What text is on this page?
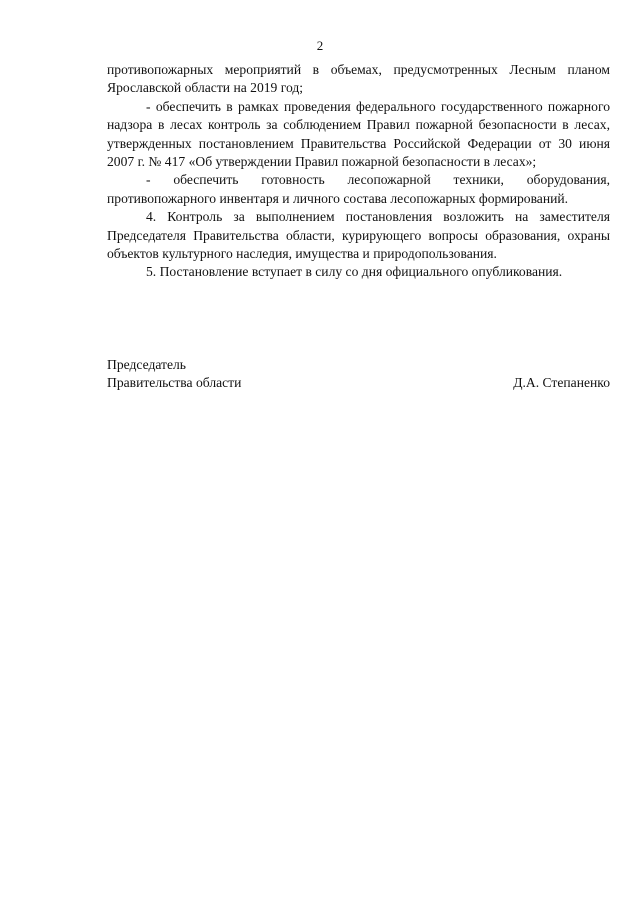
2

противопожарных мероприятий в объемах, предусмотренных Лесным планом Ярославской области на 2019 год;

- обеспечить в рамках проведения федерального государственного пожарного надзора в лесах контроль за соблюдением Правил пожарной безопасности в лесах, утвержденных постановлением Правительства Российской Федерации от 30 июня 2007 г. № 417 «Об утверждении Правил пожарной безопасности в лесах»;

- обеспечить готовность лесопожарной техники, оборудования, противопожарного инвентаря и личного состава лесопожарных формирований.

4. Контроль за выполнением постановления возложить на заместителя Председателя Правительства области, курирующего вопросы образования, охраны объектов культурного наследия, имущества и природопользования.

5. Постановление вступает в силу со дня официального опубликования.

Председатель
Правительства области	Д.А. Степаненко
